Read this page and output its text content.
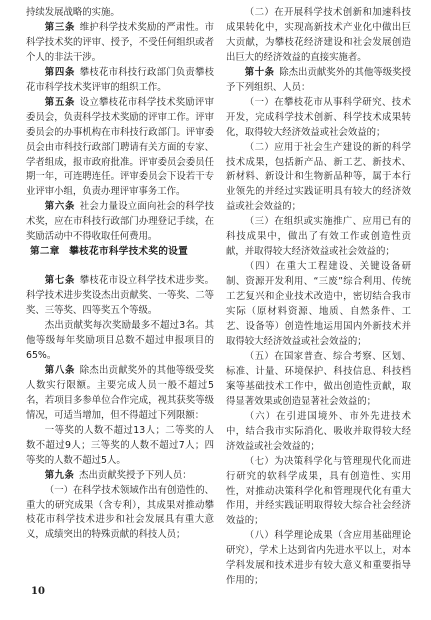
持续发展战略的实施。

第三条 维护科学技术奖励的严肃性。市科学技术奖的评审、授予，不受任何组织或者个人的非法干涉。

第四条 攀枝花市科技行政部门负责攀枝花市科学技术奖评审的组织工作。

第五条 设立攀枝花市科学技术奖励评审委员会，负责科学技术奖励的评审工作。评审委员会的办事机构在市科技行政部门。评审委员会由市科技行政部门聘请有关方面的专家、学者组成，报市政府批准。评审委员会委员任期一年，可连聘连任。评审委员会下设若干专业评审小组，负责办理评审事务工作。

第六条 社会力量设立面向社会的科学技术奖，应在市科技行政部门办理登记手续，在奖励活动中不得收取任何费用。

第二章 攀枝花市科学技术奖的设置

第七条 攀枝花市设立科学技术进步奖。科学技术进步奖设杰出贡献奖、一等奖、二等奖、三等奖、四等奖五个等级。

杰出贡献奖每次奖励最多不超过3名。其他等级每年奖励项目总数不超过申报项目的65%。

第八条 除杰出贡献奖外的其他等级受奖人数实行限额。主要完成人员一般不超过5名，若项目多参单位合作完成，视其获奖等级情况，可适当增加，但不得超过下列限额：

一等奖的人数不超过13人；二等奖的人数不超过9人；三等奖的人数不超过7人；四等奖的人数不超过5人。

第九条 杰出贡献奖授予下列人员：

（一）在科学技术领域作出有创造性的、重大的研究成果（含专利），其成果对推动攀枝花市科学技术进步和社会发展具有重大意义，成绩突出的特殊贡献的科技人员；

（二）在开展科学技术创新和加速科技成果转化中，实现高新技术产业化中做出巨大贡献，为攀枝花经济建设和社会发展创造出巨大的经济效益的直接实施者。

第十条 除杰出贡献奖外的其他等级奖授予下列组织、人员：

（一）在攀枝花市从事科学研究、技术开发，完成科学技术创新、科学技术成果转化，取得较大经济效益或社会效益的；

（二）应用于社会生产建设的新的科学技术成果，包括新产品、新工艺、新技术、新材料、新设计和生物新品种等，属于本行业领先的并经过实践证明具有较大的经济效益或社会效益的；

（三）在组织或实施推广、应用已有的科技成果中，做出了有效工作或创造性贡献，并取得较大经济效益或社会效益的；

（四）在重大工程建设、关键设备研制、资源开发利用、“三废”综合利用、传统工艺复兴和企业技术改造中，密切结合我市实际（原材料资源、地质、自然条件、工艺、设备等）创造性地运用国内外新技术并取得较大经济效益或社会效益的；

（五）在国家普查、综合考察、区划、标准、计量、环境保护、科技信息、科技档案等基础技术工作中，做出创造性贡献，取得显著效果或创造显著社会效益的；

（六）在引进国境外、市外先进技术中，结合我市实际消化、吸收并取得较大经济效益或社会效益的；

（七）为决策科学化与管理现代化而进行研究的软科学成果，具有创造性、实用性，对推动决策科学化和管理现代化有重大作用，并经实践证明取得较大综合社会经济效益的；

（八）科学理论成果（含应用基础理论研究），学术上达到省内先进水平以上，对本学科发展和技术进步有较大意义和重要指导作用的；

10
